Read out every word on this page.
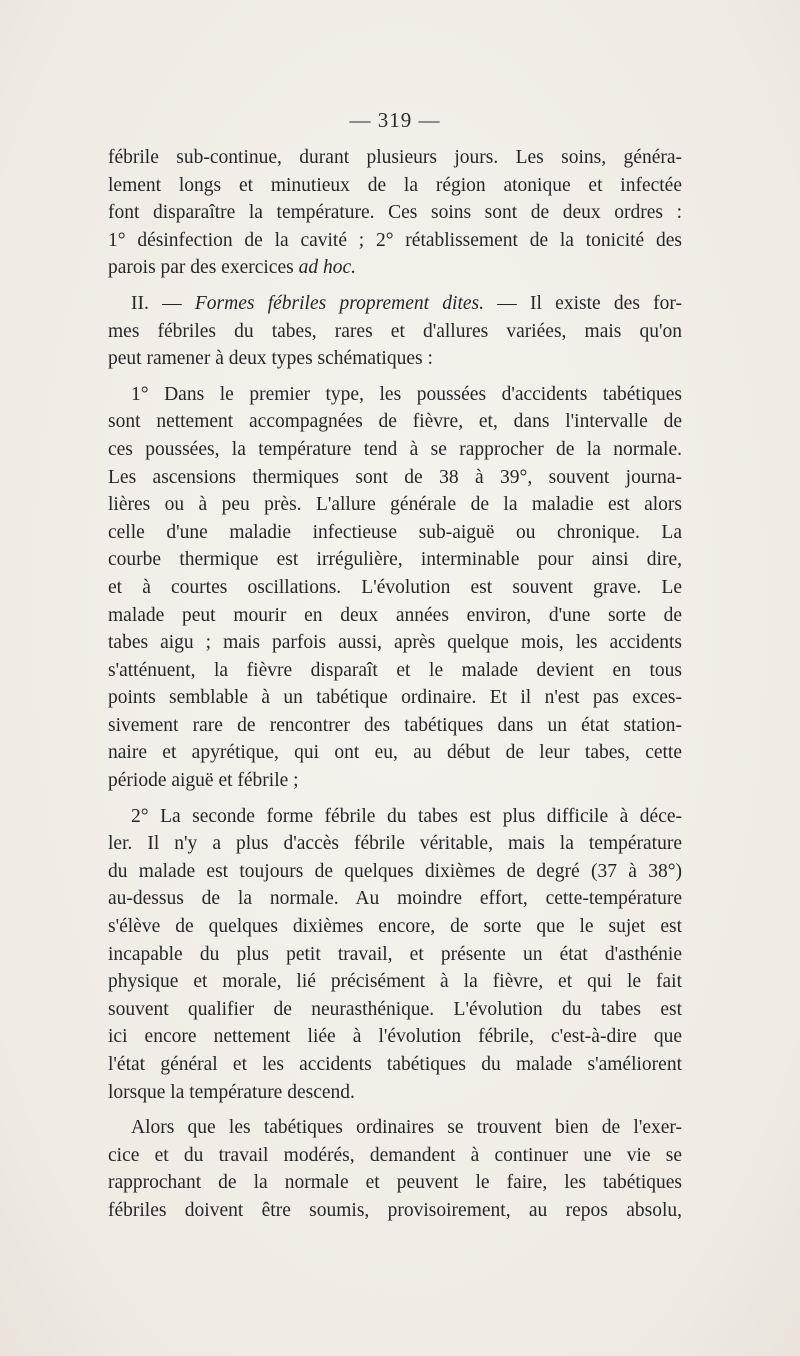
— 319 —
fébrile sub-continue, durant plusieurs jours. Les soins, généra-
lement longs et minutieux de la région atonique et infectée
font disparaître la température. Ces soins sont de deux ordres :
1° désinfection de la cavité ; 2° rétablissement de la tonicité des
parois par des exercices ad hoc.
II. — Formes fébriles proprement dites. — Il existe des for-
mes fébriles du tabes, rares et d'allures variées, mais qu'on
peut ramener à deux types schématiques :
1° Dans le premier type, les poussées d'accidents tabétiques
sont nettement accompagnées de fièvre, et, dans l'intervalle de
ces poussées, la température tend à se rapprocher de la normale.
Les ascensions thermiques sont de 38 à 39°, souvent journa-
lières ou à peu près. L'allure générale de la maladie est alors
celle d'une maladie infectieuse sub-aiguë ou chronique. La
courbe thermique est irrégulière, interminable pour ainsi dire,
et à courtes oscillations. L'évolution est souvent grave. Le
malade peut mourir en deux années environ, d'une sorte de
tabes aigu ; mais parfois aussi, après quelque mois, les accidents
s'atténuent, la fièvre disparaît et le malade devient en tous
points semblable à un tabétique ordinaire. Et il n'est pas exces-
sivement rare de rencontrer des tabétiques dans un état station-
naire et apyrétique, qui ont eu, au début de leur tabes, cette
période aiguë et fébrile ;
2° La seconde forme fébrile du tabes est plus difficile à déce-
ler. Il n'y a plus d'accès fébrile véritable, mais la température
du malade est toujours de quelques dixièmes de degré (37 à 38°)
au-dessus de la normale. Au moindre effort, cette-température
s'élève de quelques dixièmes encore, de sorte que le sujet est
incapable du plus petit travail, et présente un état d'asthénie
physique et morale, lié précisément à la fièvre, et qui le fait
souvent qualifier de neurasthénique. L'évolution du tabes est
ici encore nettement liée à l'évolution fébrile, c'est-à-dire que
l'état général et les accidents tabétiques du malade s'améliorent
lorsque la température descend.
Alors que les tabétiques ordinaires se trouvent bien de l'exer-
cice et du travail modérés, demandent à continuer une vie se
rapprochant de la normale et peuvent le faire, les tabétiques
fébriles doivent être soumis, provisoirement, au repos absolu,
